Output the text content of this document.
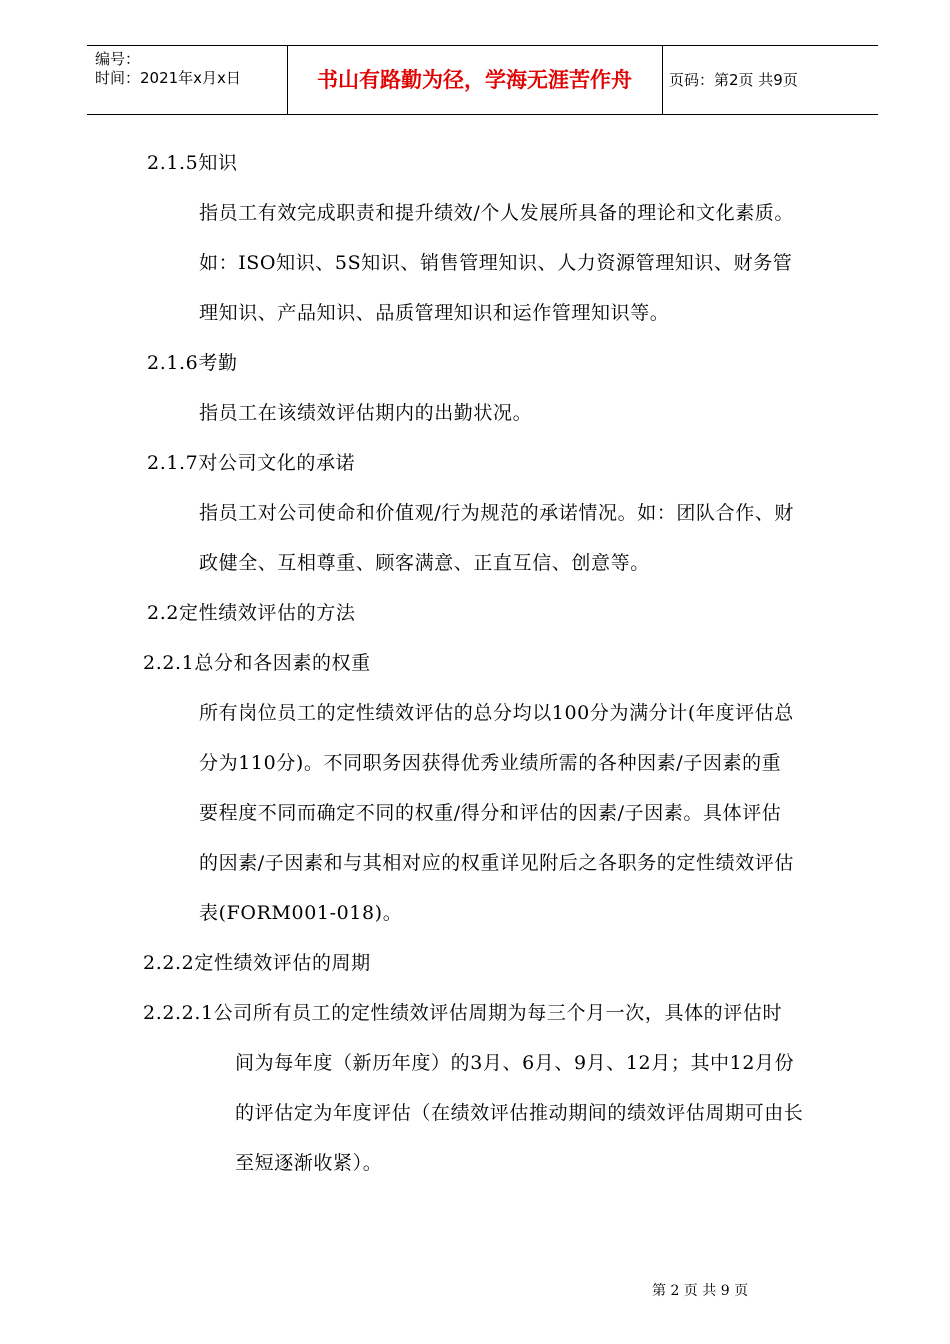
编号：
时间：2021年x月x日	书山有路勤为径，学海无涯苦作舟	页码：第2页 共9页
2.1.5知识
指员工有效完成职责和提升绩效/个人发展所具备的理论和文化素质。
如：ISO知识、5S知识、销售管理知识、人力资源管理知识、财务管
理知识、产品知识、品质管理知识和运作管理知识等。
2.1.6考勤
指员工在该绩效评估期内的出勤状况。
2.1.7对公司文化的承诺
指员工对公司使命和价值观/行为规范的承诺情况。如：团队合作、财
政健全、互相尊重、顾客满意、正直互信、创意等。
2.2定性绩效评估的方法
2.2.1总分和各因素的权重
所有岗位员工的定性绩效评估的总分均以100分为满分计(年度评估总
分为110分)。不同职务因获得优秀业绩所需的各种因素/子因素的重
要程度不同而确定不同的权重/得分和评估的因素/子因素。具体评估
的因素/子因素和与其相对应的权重详见附后之各职务的定性绩效评估
表(FORM001-018)。
2.2.2定性绩效评估的周期
2.2.2.1公司所有员工的定性绩效评估周期为每三个月一次，具体的评估时
间为每年度（新历年度）的3月、6月、9月、12月；其中12月份
的评估定为年度评估（在绩效评估推动期间的绩效评估周期可由长
至短逐渐收紧）。
第 2 页 共 9 页
